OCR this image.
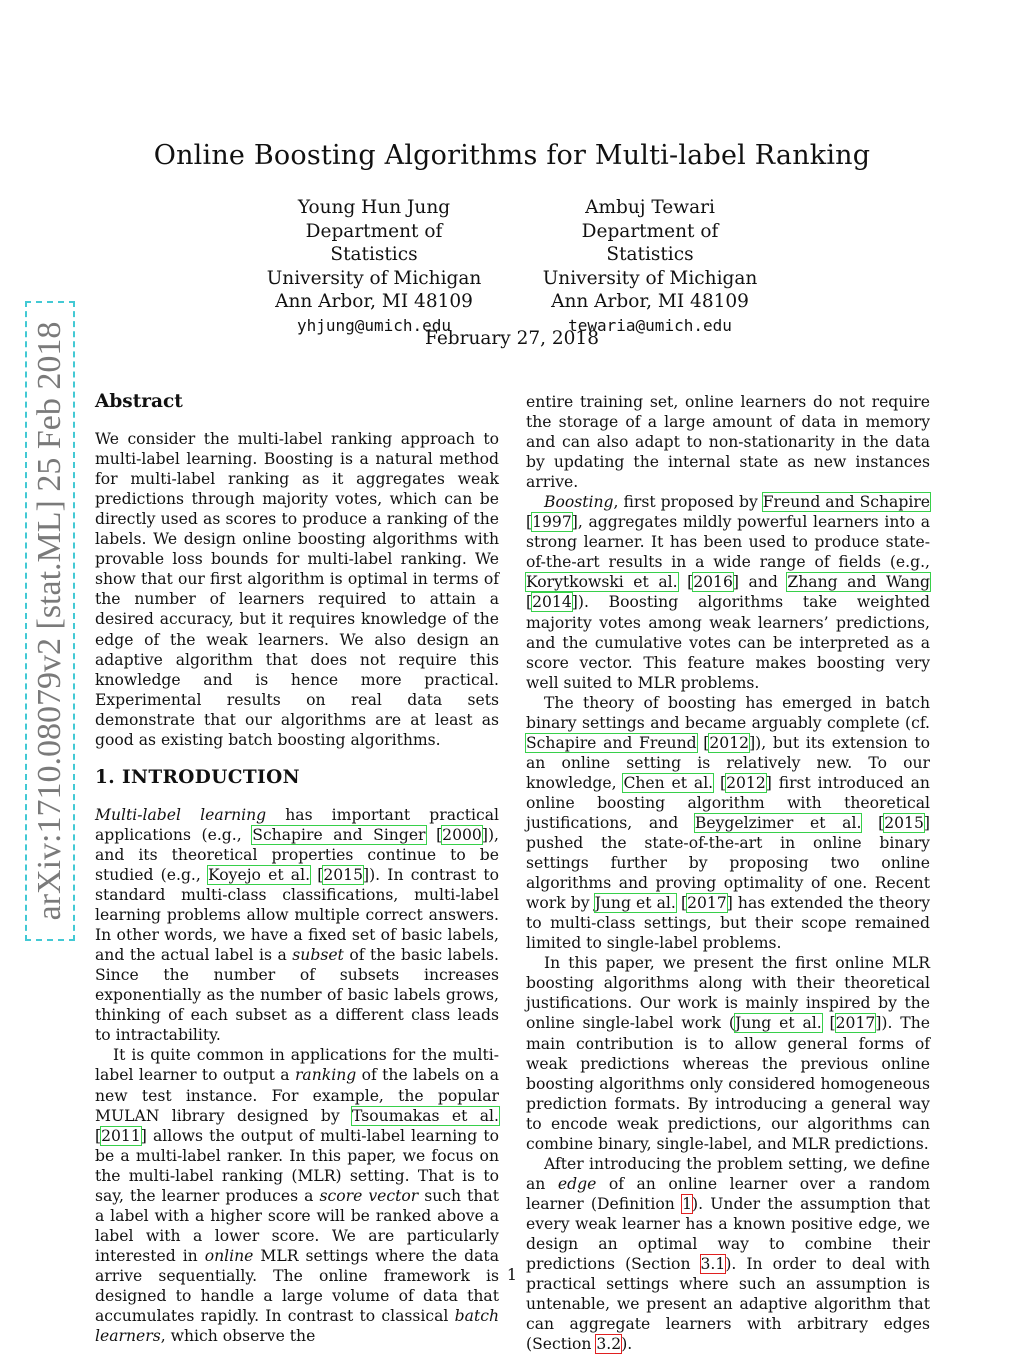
Online Boosting Algorithms for Multi-label Ranking
Young Hun Jung
Department of Statistics
University of Michigan
Ann Arbor, MI 48109
yhjung@umich.edu
Ambuj Tewari
Department of Statistics
University of Michigan
Ann Arbor, MI 48109
tewaria@umich.edu
February 27, 2018
arXiv:1710.08079v2 [stat.ML] 25 Feb 2018	Abstract

We consider the multi-label ranking approach to multi-label learning. Boosting is a natural method for multi-label ranking as it aggregates weak predictions through majority votes, which can be directly used as scores to produce a ranking of the labels. We design online boosting algorithms with provable loss bounds for multi-label ranking. We show that our first algorithm is optimal in terms of the number of learners required to attain a desired accuracy, but it requires knowledge of the edge of the weak learners. We also design an adaptive algorithm that does not require this knowledge and is hence more practical. Experimental results on real data sets demonstrate that our algorithms are at least as good as existing batch boosting algorithms.

1. INTRODUCTION

Multi-label learning has important practical applications (e.g., Schapire and Singer [2000]), and its theoretical properties continue to be studied (e.g., Koyejo et al. [2015]). In contrast to standard multi-class classifications, multi-label learning problems allow multiple correct answers. In other words, we have a fixed set of basic labels, and the actual label is a subset of the basic labels. Since the number of subsets increases exponentially as the number of basic labels grows, thinking of each subset as a different class leads to intractability.

It is quite common in applications for the multi-label learner to output a ranking of the labels on a new test instance. For example, the popular MULAN library designed by Tsoumakas et al. [2011] allows the output of multi-label learning to be a multi-label ranker. In this paper, we focus on the multi-label ranking (MLR) setting. That is to say, the learner produces a score vector such that a label with a higher score will be ranked above a label with a lower score. We are particularly interested in online MLR settings where the data arrive sequentially. The online framework is designed to handle a large volume of data that accumulates rapidly. In contrast to classical batch learners, which observe the

entire training set, online learners do not require the storage of a large amount of data in memory and can also adapt to non-stationarity in the data by updating the internal state as new instances arrive.

Boosting, first proposed by Freund and Schapire [1997], aggregates mildly powerful learners into a strong learner. It has been used to produce state-of-the-art results in a wide range of fields (e.g., Korytkowski et al. [2016] and Zhang and Wang [2014]). Boosting algorithms take weighted majority votes among weak learners’ predictions, and the cumulative votes can be interpreted as a score vector. This feature makes boosting very well suited to MLR problems.

The theory of boosting has emerged in batch binary settings and became arguably complete (cf. Schapire and Freund [2012]), but its extension to an online setting is relatively new. To our knowledge, Chen et al. [2012] first introduced an online boosting algorithm with theoretical justifications, and Beygelzimer et al. [2015] pushed the state-of-the-art in online binary settings further by proposing two online algorithms and proving optimality of one. Recent work by Jung et al. [2017] has extended the theory to multi-class settings, but their scope remained limited to single-label problems.

In this paper, we present the first online MLR boosting algorithms along with their theoretical justifications. Our work is mainly inspired by the online single-label work (Jung et al. [2017]). The main contribution is to allow general forms of weak predictions whereas the previous online boosting algorithms only considered homogeneous prediction formats. By introducing a general way to encode weak predictions, our algorithms can combine binary, single-label, and MLR predictions.

After introducing the problem setting, we define an edge of an online learner over a random learner (Definition 1). Under the assumption that every weak learner has a known positive edge, we design an optimal way to combine their predictions (Section 3.1). In order to deal with practical settings where such an assumption is untenable, we present an adaptive algorithm that can aggregate learners with arbitrary edges (Section 3.2).

1
